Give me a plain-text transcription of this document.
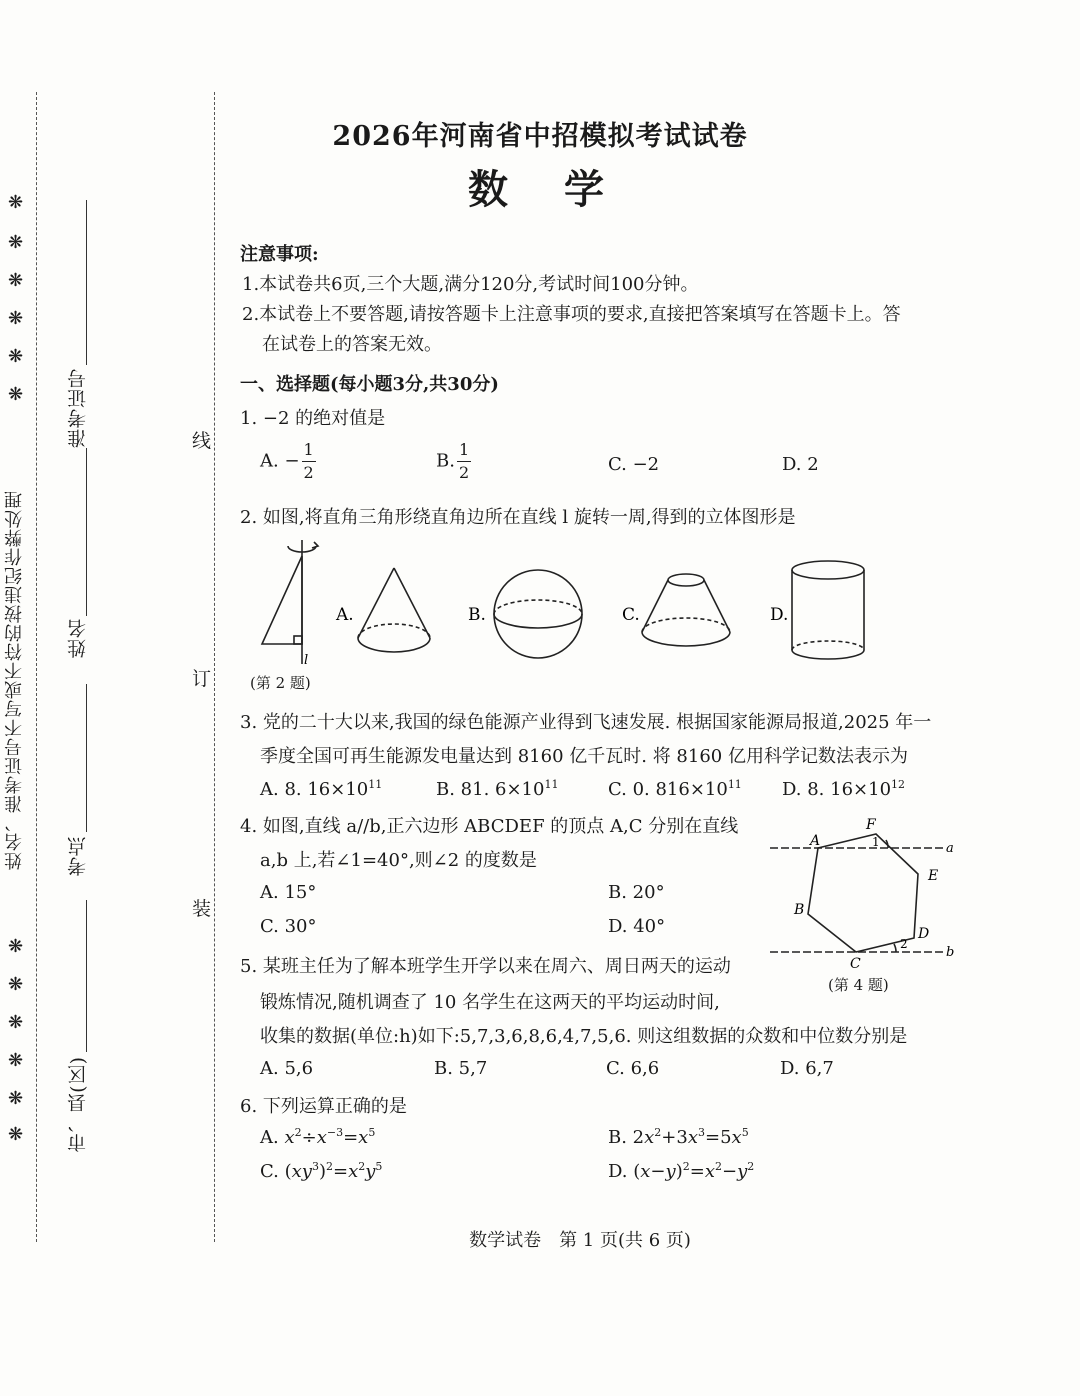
❋
❋
❋
❋
❋
❋
姓名、准考证号不写或不符的按违纪作弊处理
❋
❋
❋
❋
❋
❋
准考证号
姓名
考点
市、县(区)
线
订
装
2026年河南省中招模拟考试试卷
数　学
注意事项:
1.本试卷共6页,三个大题,满分120分,考试时间100分钟。
2.本试卷上不要答题,请按答题卡上注意事项的要求,直接把答案填写在答题卡上。答
在试卷上的答案无效。
一、选择题(每小题3分,共30分)
1. −2 的绝对值是
A. − $\frac{1}{2}$	B. $\frac{1}{2}$	C. −2	D. 2
2. 如图,将直角三角形绕直角边所在直线 l 旋转一周,得到的立体图形是
l
A.	B.	C.	D.
(第 2 题)
3. 党的二十大以来,我国的绿色能源产业得到飞速发展. 根据国家能源局报道,2025 年一
季度全国可再生能源发电量达到 8160 亿千瓦时. 将 8160 亿用科学记数法表示为
A. 8. $16\times 10^{11}$	B. 81. $6\times 10^{11}$	C. 0. $816\times 10^{11}$ D. 8. $16\times 10^{12}$
4. 如图,直线 a//b,正六边形 ABCDEF 的顶点 A,C 分别在直线
a,b 上,若∠1=40°,则∠2 的度数是
A. 15°	B. 20°
C. 30°	D. 40°
A
F
E
D
C
B
a
b
1
2
(第 4 题)
5. 某班主任为了解本班学生开学以来在周六、周日两天的运动
锻炼情况,随机调查了 10 名学生在这两天的平均运动时间,
收集的数据(单位:h)如下:5,7,3,6,8,6,4,7,5,6. 则这组数据的众数和中位数分别是
A. 5,6	B. 5,7	C. 6,6	D. 6,7
6. 下列运算正确的是
A. $x^2\div x^{-3}=x^5$	B. $2x^2+3x^3=5x^5$
C. $(xy^3)^2=x^2y^5$	D. $(x-y)^2=x^2-y^2$
数学试卷　第 1 页(共 6 页)
